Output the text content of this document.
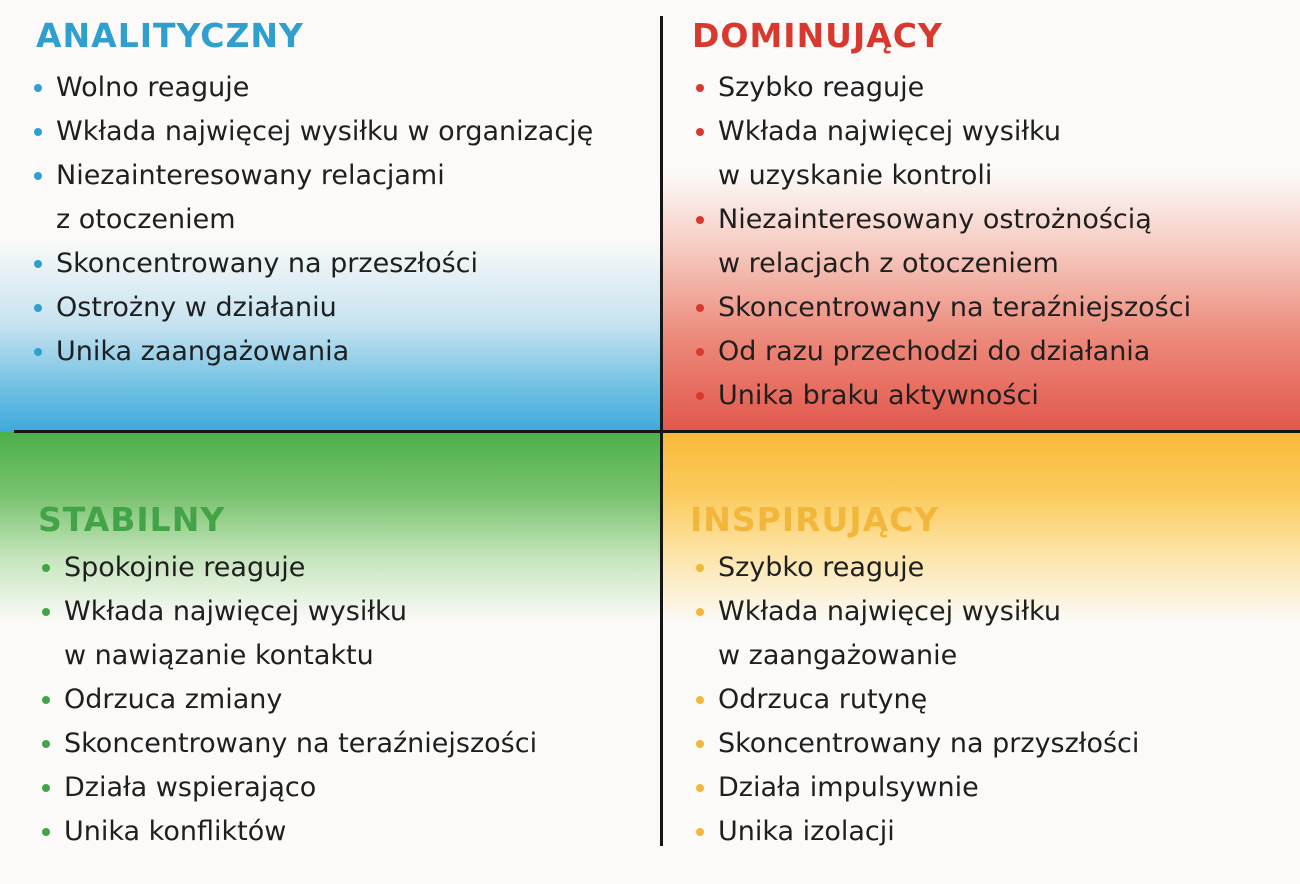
ANALITYCZNY
Wolno reaguje
Wkłada najwięcej wysiłku w organizację
Niezainteresowany relacjami
z otoczeniem
Skoncentrowany na przeszłości
Ostrożny w działaniu
Unika zaangażowania
DOMINUJĄCY
Szybko reaguje
Wkłada najwięcej wysiłku
w uzyskanie kontroli
Niezainteresowany ostrożnością
w relacjach z otoczeniem
Skoncentrowany na teraźniejszości
Od razu przechodzi do działania
Unika braku aktywności
STABILNY
Spokojnie reaguje
Wkłada najwięcej wysiłku
w nawiązanie kontaktu
Odrzuca zmiany
Skoncentrowany na teraźniejszości
Działa wspierająco
Unika konfliktów
INSPIRUJĄCY
Szybko reaguje
Wkłada najwięcej wysiłku
w zaangażowanie
Odrzuca rutynę
Skoncentrowany na przyszłości
Działa impulsywnie
Unika izolacji
